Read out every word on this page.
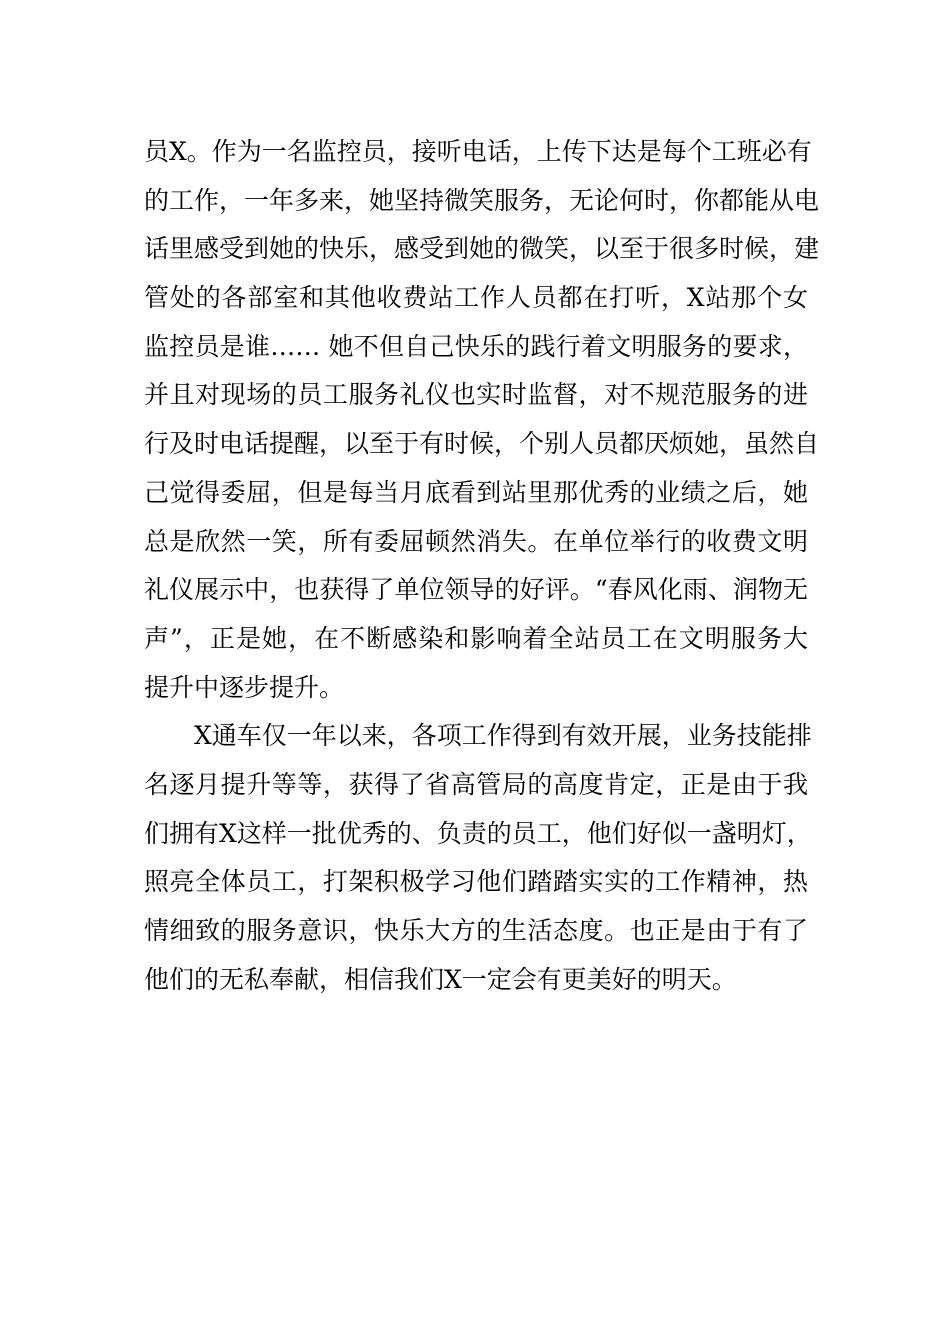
员X。作为一名监控员，接听电话，上传下达是每个工班必有
的工作，一年多来，她坚持微笑服务，无论何时，你都能从电
话里感受到她的快乐，感受到她的微笑，以至于很多时候，建
管处的各部室和其他收费站工作人员都在打听，X站那个女
监控员是谁…… 她不但自己快乐的践行着文明服务的要求，
并且对现场的员工服务礼仪也实时监督，对不规范服务的进
行及时电话提醒，以至于有时候，个别人员都厌烦她，虽然自
己觉得委屈，但是每当月底看到站里那优秀的业绩之后，她
总是欣然一笑，所有委屈顿然消失。在单位举行的收费文明
礼仪展示中，也获得了单位领导的好评。“春风化雨、润物无
声”，正是她，在不断感染和影响着全站员工在文明服务大
提升中逐步提升。
X通车仅一年以来，各项工作得到有效开展，业务技能排
名逐月提升等等，获得了省高管局的高度肯定，正是由于我
们拥有X这样一批优秀的、负责的员工，他们好似一盏明灯，
照亮全体员工，打架积极学习他们踏踏实实的工作精神，热
情细致的服务意识，快乐大方的生活态度。也正是由于有了
他们的无私奉献，相信我们X一定会有更美好的明天。
